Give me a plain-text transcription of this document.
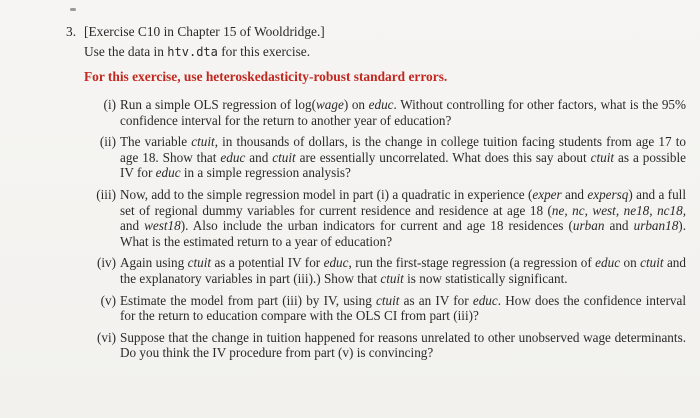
3. [Exercise C10 in Chapter 15 of Wooldridge.]
Use the data in htv.dta for this exercise.
For this exercise, use heteroskedasticity-robust standard errors.
(i) Run a simple OLS regression of log(wage) on educ. Without controlling for other factors, what is the 95% confidence interval for the return to another year of education?
(ii) The variable ctuit, in thousands of dollars, is the change in college tuition facing students from age 17 to age 18. Show that educ and ctuit are essentially uncorrelated. What does this say about ctuit as a possible IV for educ in a simple regression analysis?
(iii) Now, add to the simple regression model in part (i) a quadratic in experience (exper and expersq) and a full set of regional dummy variables for current residence and residence at age 18 (ne, nc, west, ne18, nc18, and west18). Also include the urban indicators for current and age 18 residences (urban and urban18). What is the estimated return to a year of education?
(iv) Again using ctuit as a potential IV for educ, run the first-stage regression (a regression of educ on ctuit and the explanatory variables in part (iii).) Show that ctuit is now statistically significant.
(v) Estimate the model from part (iii) by IV, using ctuit as an IV for educ. How does the confidence interval for the return to education compare with the OLS CI from part (iii)?
(vi) Suppose that the change in tuition happened for reasons unrelated to other unobserved wage determinants. Do you think the IV procedure from part (v) is convincing?
